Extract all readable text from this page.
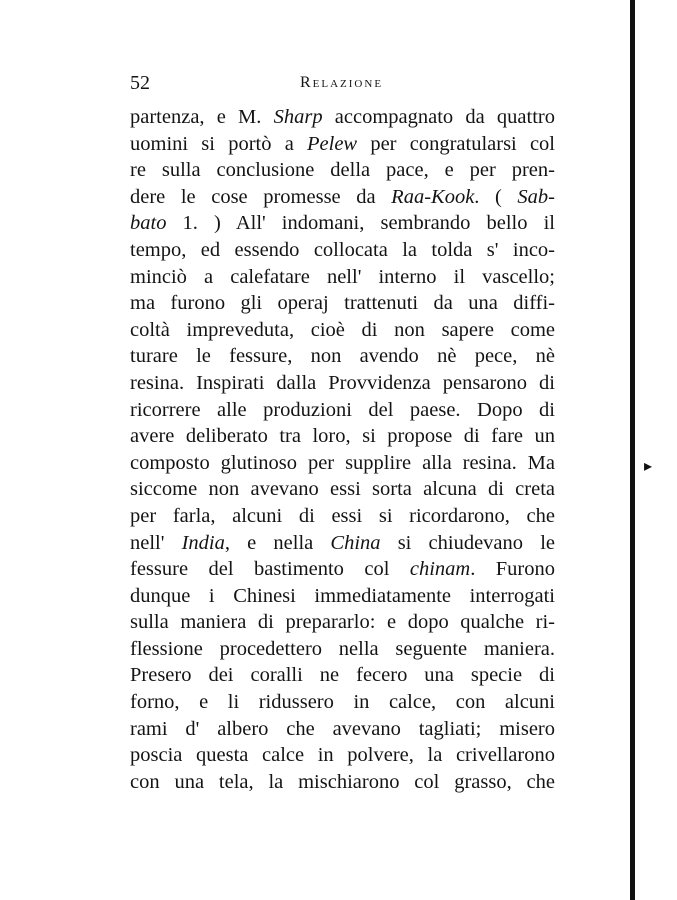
▸
52	Relazione
partenza, e M. Sharp accompagnato da quattro
uomini si portò a Pelew per congratularsi col
re sulla conclusione della pace, e per pren-
dere le cose promesse da Raa-Kook. ( Sab-
bato 1. ) All' indomani, sembrando bello il
tempo, ed essendo collocata la tolda s' inco-
minciò a calefatare nell' interno il vascello;
ma furono gli operaj trattenuti da una diffi-
coltà impreveduta, cioè di non sapere come
turare le fessure, non avendo nè pece, nè
resina. Inspirati dalla Provvidenza pensarono di
ricorrere alle produzioni del paese. Dopo di
avere deliberato tra loro, si propose di fare un
composto glutinoso per supplire alla resina. Ma
siccome non avevano essi sorta alcuna di creta
per farla, alcuni di essi si ricordarono, che
nell' India, e nella China si chiudevano le
fessure del bastimento col chinam. Furono
dunque i Chinesi immediatamente interrogati
sulla maniera di prepararlo: e dopo qualche ri-
flessione procedettero nella seguente maniera.
Presero dei coralli ne fecero una specie di
forno, e li ridussero in calce, con alcuni
rami d' albero che avevano tagliati; misero
poscia questa calce in polvere, la crivellarono
con una tela, la mischiarono col grasso, che
